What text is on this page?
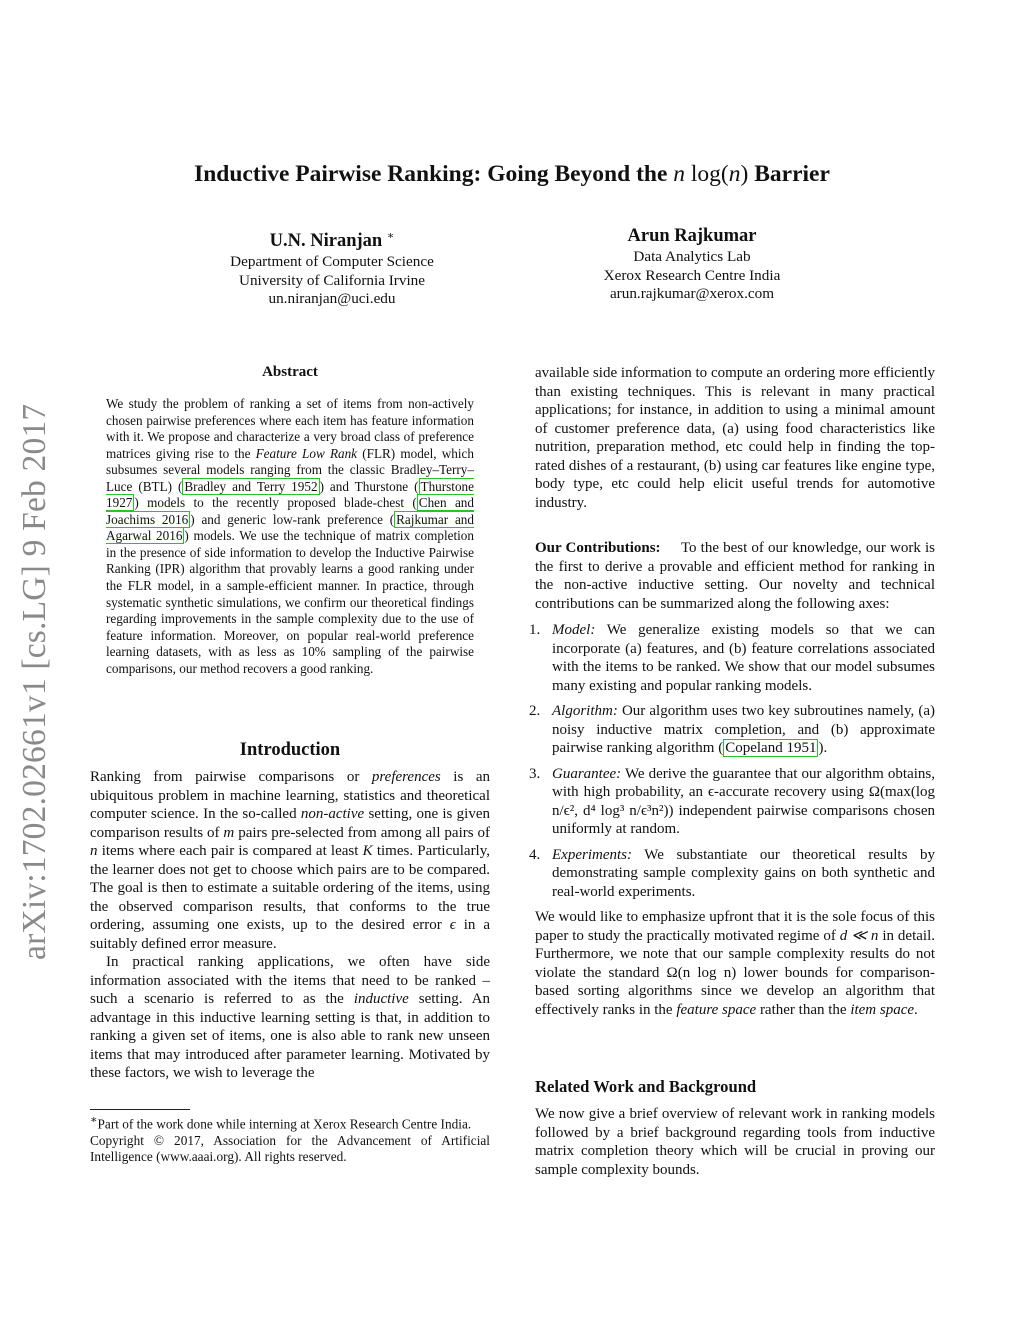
Inductive Pairwise Ranking: Going Beyond the n log(n) Barrier
U.N. Niranjan ∗
Department of Computer Science
University of California Irvine
un.niranjan@uci.edu
Arun Rajkumar
Data Analytics Lab
Xerox Research Centre India
arun.rajkumar@xerox.com
arXiv:1702.02661v1 [cs.LG] 9 Feb 2017
Abstract
We study the problem of ranking a set of items from non-actively chosen pairwise preferences where each item has feature information with it. We propose and characterize a very broad class of preference matrices giving rise to the Feature Low Rank (FLR) model, which subsumes several models ranging from the classic Bradley–Terry–Luce (BTL) ( Bradley and Terry 1952 ) and Thurstone ( Thurstone 1927 ) models to the recently proposed blade-chest ( Chen and Joachims 2016 ) and generic low-rank preference ( Rajkumar and Agarwal 2016 ) models. We use the technique of matrix completion in the presence of side information to develop the Inductive Pairwise Ranking (IPR) algorithm that provably learns a good ranking under the FLR model, in a sample-efficient manner. In practice, through systematic synthetic simulations, we confirm our theoretical findings regarding improvements in the sample complexity due to the use of feature information. Moreover, on popular real-world preference learning datasets, with as less as 10% sampling of the pairwise comparisons, our method recovers a good ranking.
Introduction

Ranking from pairwise comparisons or preferences is an ubiquitous problem in machine learning, statistics and theoretical computer science. In the so-called non-active setting, one is given comparison results of m pairs pre-selected from among all pairs of n items where each pair is compared at least K times. Particularly, the learner does not get to choose which pairs are to be compared. The goal is then to estimate a suitable ordering of the items, using the observed comparison results, that conforms to the true ordering, assuming one exists, up to the desired error ϵ in a suitably defined error measure.

In practical ranking applications, we often have side information associated with the items that need to be ranked – such a scenario is referred to as the inductive setting. An advantage in this inductive learning setting is that, in addition to ranking a given set of items, one is also able to rank new unseen items that may introduced after parameter learning. Motivated by these factors, we wish to leverage the

∗Part of the work done while interning at Xerox Research Centre India.

Copyright © 2017, Association for the Advancement of Artificial Intelligence (www.aaai.org). All rights reserved.

available side information to compute an ordering more efficiently than existing techniques. This is relevant in many practical applications; for instance, in addition to using a minimal amount of customer preference data, (a) using food characteristics like nutrition, preparation method, etc could help in finding the top-rated dishes of a restaurant, (b) using car features like engine type, body type, etc could help elicit useful trends for automotive industry.

Our Contributions: To the best of our knowledge, our work is the first to derive a provable and efficient method for ranking in the non-active inductive setting. Our novelty and technical contributions can be summarized along the following axes:

1. Model: We generalize existing models so that we can incorporate (a) features, and (b) feature correlations associated with the items to be ranked. We show that our model subsumes many existing and popular ranking models.
2. Algorithm: Our algorithm uses two key subroutines namely, (a) noisy inductive matrix completion, and (b) approximate pairwise ranking algorithm ( Copeland 1951 ).
3. Guarantee: We derive the guarantee that our algorithm obtains, with high probability, an ϵ-accurate recovery using Ω(max(log n/ϵ², d⁴ log³ n/ϵ³n²)) independent pairwise comparisons chosen uniformly at random.
4. Experiments: We substantiate our theoretical results by demonstrating sample complexity gains on both synthetic and real-world experiments.

We would like to emphasize upfront that it is the sole focus of this paper to study the practically motivated regime of d ≪ n in detail. Furthermore, we note that our sample complexity results do not violate the standard Ω(n log n) lower bounds for comparison-based sorting algorithms since we develop an algorithm that effectively ranks in the feature space rather than the item space.

Related Work and Background

We now give a brief overview of relevant work in ranking models followed by a brief background regarding tools from inductive matrix completion theory which will be crucial in proving our sample complexity bounds.
